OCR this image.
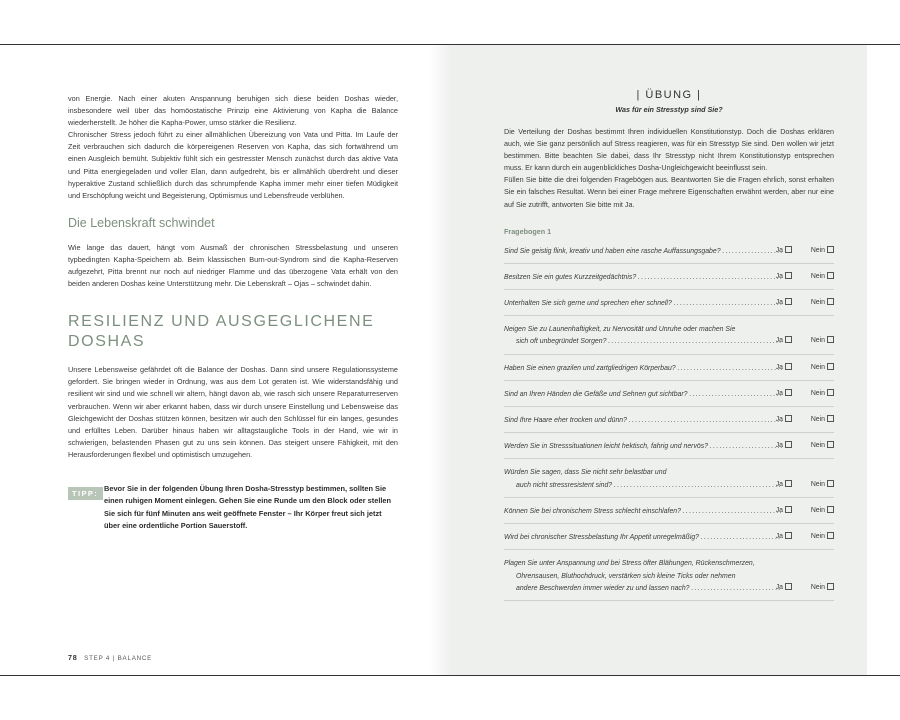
von Energie. Nach einer akuten Anspannung beruhigen sich diese beiden Doshas wieder, insbesondere weil über das homöostatische Prinzip eine Aktivierung von Kapha die Balance wiederherstellt. Je höher die Kapha-Power, umso stärker die Resilienz.

Chronischer Stress jedoch führt zu einer allmählichen Übereizung von Vata und Pitta. Im Laufe der Zeit verbrauchen sich dadurch die körpereigenen Reserven von Kapha, das sich fortwährend um einen Ausgleich bemüht. Subjektiv fühlt sich ein gestresster Mensch zunächst durch das aktive Vata und Pitta energiegeladen und voller Elan, dann aufgedreht, bis er allmählich überdreht und dieser hyperaktive Zustand schließlich durch das schrumpfende Kapha immer mehr einer tiefen Müdigkeit und Erschöpfung weicht und Begeisterung, Optimismus und Lebensfreude verblühen.

Die Lebenskraft schwindet

Wie lange das dauert, hängt vom Ausmaß der chronischen Stressbelastung und unseren typbedingten Kapha-Speichern ab. Beim klassischen Burn-out-Syndrom sind die Kapha-Reserven aufgezehrt, Pitta brennt nur noch auf niedriger Flamme und das überzogene Vata erhält von den beiden anderen Doshas keine Unterstützung mehr. Die Lebenskraft – Ojas – schwindet dahin.

RESILIENZ UND AUSGEGLICHENE
DOSHAS

Unsere Lebensweise gefährdet oft die Balance der Doshas. Dann sind unsere Regulationssysteme gefordert. Sie bringen wieder in Ordnung, was aus dem Lot geraten ist. Wie widerstandsfähig und resilient wir sind und wie schnell wir altern, hängt davon ab, wie rasch sich unsere Reparaturreserven verbrauchen. Wenn wir aber erkannt haben, dass wir durch unsere Einstellung und Lebensweise das Gleichgewicht der Doshas stützen können, besitzen wir auch den Schlüssel für ein langes, gesundes und erfülltes Leben. Darüber hinaus haben wir alltagstaugliche Tools in der Hand, wie wir in schwierigen, belastenden Phasen gut zu uns sein können. Das steigert unsere Fähigkeit, mit den Herausforderungen flexibel und optimistisch umzugehen.

TIPP:
Bevor Sie in der folgenden Übung Ihren Dosha-Stresstyp bestimmen, sollten Sie einen ruhigen Moment einlegen. Gehen Sie eine Runde um den Block oder stellen Sie sich für fünf Minuten ans weit geöffnete Fenster – Ihr Körper freut sich jetzt über eine ordentliche Portion Sauerstoff.
78 STEP 4 | BALANCE
| ÜBUNG |
Was für ein Stresstyp sind Sie?

Die Verteilung der Doshas bestimmt Ihren individuellen Konstitutionstyp. Doch die Doshas erklären auch, wie Sie ganz persönlich auf Stress reagieren, was für ein Stresstyp Sie sind. Den wollen wir jetzt bestimmen. Bitte beachten Sie dabei, dass Ihr Stresstyp nicht Ihrem Konstitutionstyp entsprechen muss. Er kann durch ein augenblickliches Dosha-Ungleichgewicht beeinflusst sein.

Füllen Sie bitte die drei folgenden Fragebögen aus. Beantworten Sie die Fragen ehrlich, sonst erhalten Sie ein falsches Resultat. Wenn bei einer Frage mehrere Eigenschaften erwähnt werden, aber nur eine auf Sie zutrifft, antworten Sie bitte mit Ja.

Fragebogen 1
Sind Sie geistig flink, kreativ und haben eine rasche Auffassungsgabe? . . .	Ja	Nein
Besitzen Sie ein gutes Kurzzeitgedächtnis? . . .	Ja	Nein
Unterhalten Sie sich gerne und sprechen eher schnell? . . .	Ja	Nein
Neigen Sie zu Launenhaftigkeit, zu Nervosität und Unruhe oder machen Sie
sich oft unbegründet Sorgen? . . .	Ja	Nein
Haben Sie einen grazilen und zartgliedrigen Körperbau? . . .	Ja	Nein
Sind an Ihren Händen die Gefäße und Sehnen gut sichtbar? . . .	Ja	Nein
Sind Ihre Haare eher trocken und dünn? . . .	Ja	Nein
Werden Sie in Stresssituationen leicht hektisch, fahrig und nervös? . . .	Ja	Nein
Würden Sie sagen, dass Sie nicht sehr belastbar und
auch nicht stressresistent sind? . . .	Ja	Nein
Können Sie bei chronischem Stress schlecht einschlafen? . . .	Ja	Nein
Wird bei chronischer Stressbelastung Ihr Appetit unregelmäßig? . . .	Ja	Nein
Plagen Sie unter Anspannung und bei Stress öfter Blähungen, Rückenschmerzen,
Ohrensausen, Bluthochdruck, verstärken sich kleine Ticks oder nehmen
andere Beschwerden immer wieder zu und lassen nach? . . .	Ja	Nein
